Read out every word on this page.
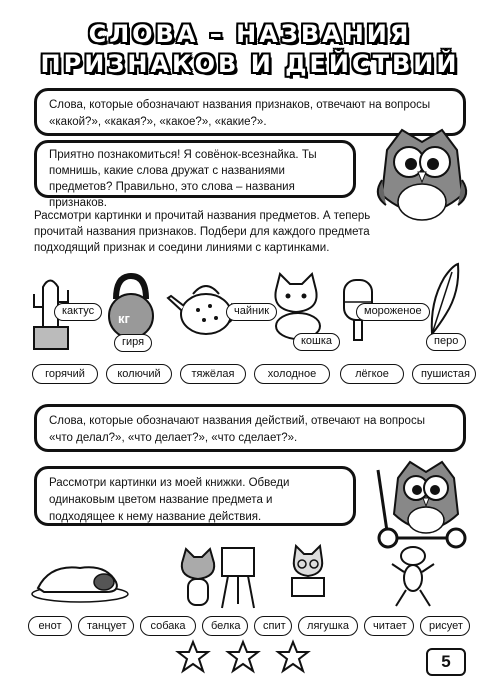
СЛОВА – НАЗВАНИЯ
ПРИЗНАКОВ И ДЕЙСТВИЙ
Слова, которые обозначают названия признаков, отвечают на вопросы «какой?», «какая?», «какое?», «какие?».
Приятно познакомиться! Я совёнок-всезнайка. Ты помнишь, какие слова дружат с названиями предметов? Правильно, это слова – названия признаков.
Рассмотри картинки и прочитай названия предметов. А теперь прочитай названия признаков. Подбери для каждого предмета подходящий признак и соедини линиями с картинками.
кактус	кг
гиря
чайник
кошка
мороженое
перо
горячий	колючий	тяжёлая	холодное	лёгкое	пушистая
Слова, которые обозначают названия действий, отвечают на вопросы «что делал?», «что делает?», «что сделает?».
Рассмотри картинки из моей книжки. Обведи одинаковым цветом название предмета и подходящее к нему название действия.
енот	танцует	собака	белка	спит	лягушка	читает	рисует
5
